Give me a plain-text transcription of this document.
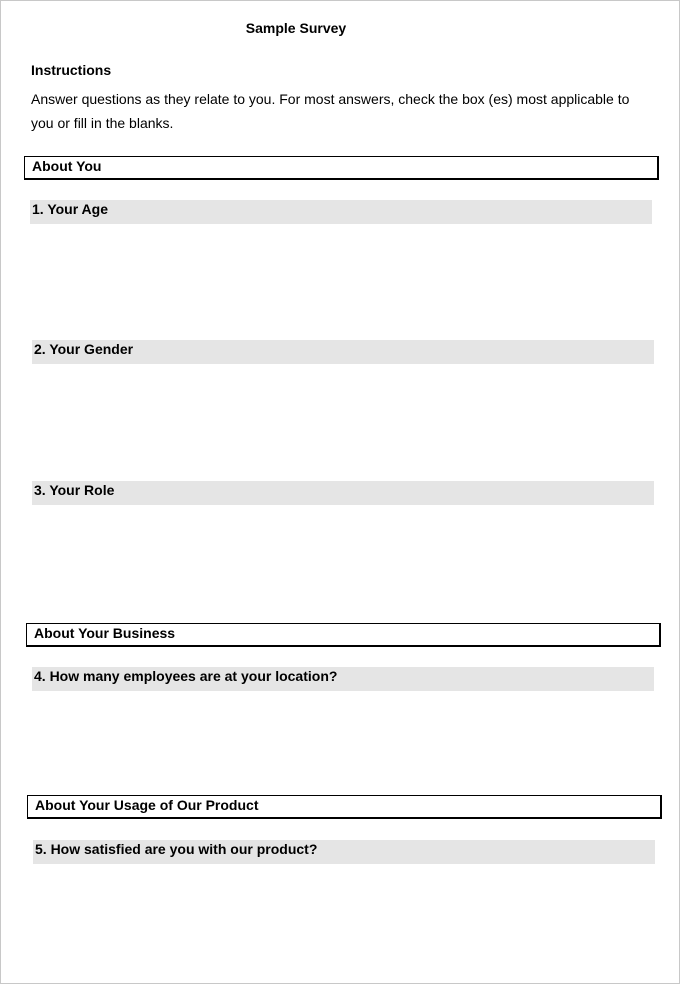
Sample Survey
Instructions
Answer questions as they relate to you. For most answers, check the box (es) most applicable to you or fill in the blanks.
About You
1. Your Age
2. Your Gender
3. Your Role
About Your Business
4. How many employees are at your location?
About Your Usage of Our Product
5. How satisfied are you with our product?
